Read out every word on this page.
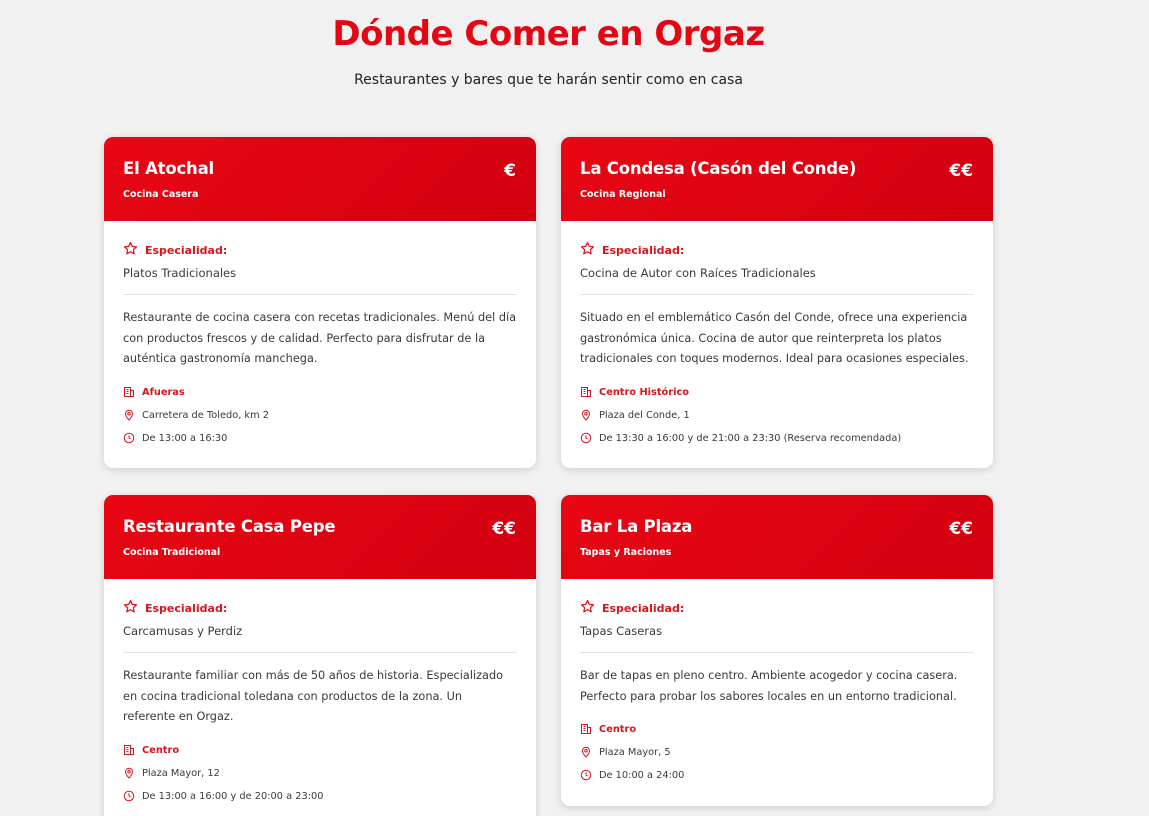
Dónde Comer en Orgaz

Restaurantes y bares que te harán sentir como en casa

El Atochal
Cocina Casera
€
Especialidad:
Platos Tradicionales

Restaurante de cocina casera con recetas tradicionales. Menú del día con productos frescos y de calidad. Perfecto para disfrutar de la auténtica gastronomía manchega.

Afueras
Carretera de Toledo, km 2
De 13:00 a 16:30
La Condesa (Casón del Conde)
Cocina Regional
€€
Especialidad:
Cocina de Autor con Raíces Tradicionales

Situado en el emblemático Casón del Conde, ofrece una experiencia gastronómica única. Cocina de autor que reinterpreta los platos tradicionales con toques modernos. Ideal para ocasiones especiales.

Centro Histórico
Plaza del Conde, 1
De 13:30 a 16:00 y de 21:00 a 23:30 (Reserva recomendada)
Restaurante Casa Pepe
Cocina Tradicional
€€
Especialidad:
Carcamusas y Perdiz

Restaurante familiar con más de 50 años de historia. Especializado en cocina tradicional toledana con productos de la zona. Un referente en Orgaz.

Centro
Plaza Mayor, 12
De 13:00 a 16:00 y de 20:00 a 23:00
Bar La Plaza
Tapas y Raciones
€€
Especialidad:
Tapas Caseras

Bar de tapas en pleno centro. Ambiente acogedor y cocina casera. Perfecto para probar los sabores locales en un entorno tradicional.

Centro
Plaza Mayor, 5
De 10:00 a 24:00
